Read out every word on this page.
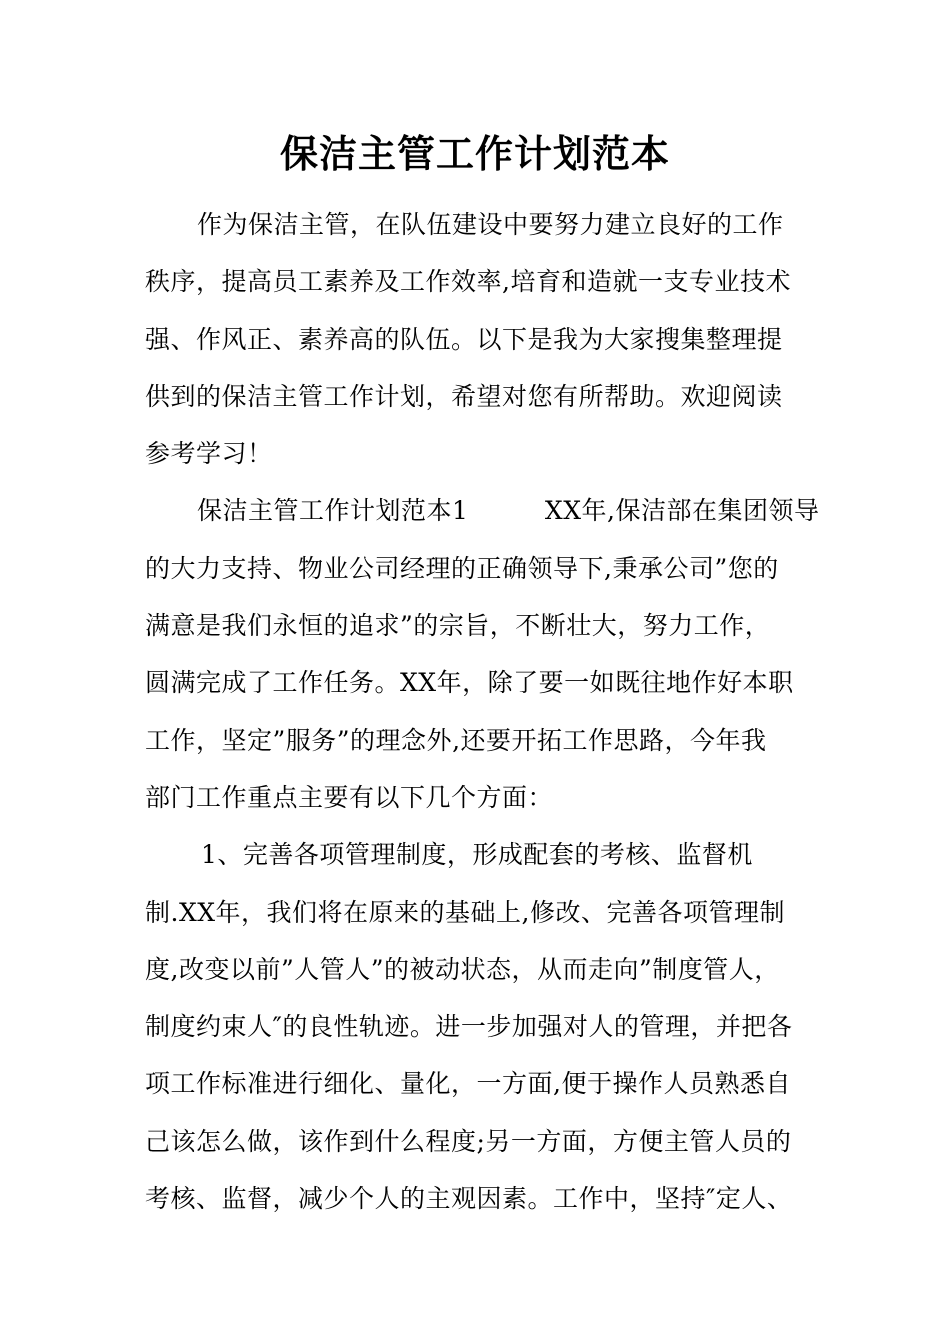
保洁主管工作计划范本
作为保洁主管，在队伍建设中要努力建立良好的工作
秩序，提高员工素养及工作效率,培育和造就一支专业技术
强、作风正、素养高的队伍。以下是我为大家搜集整理提
供到的保洁主管工作计划，希望对您有所帮助。欢迎阅读
参考学习！
保洁主管工作计划范本1　　　XX年,保洁部在集团领导
的大力支持、物业公司经理的正确领导下,秉承公司”您的
满意是我们永恒的追求”的宗旨，不断壮大，努力工作，
圆满完成了工作任务。XX年，除了要一如既往地作好本职
工作，坚定”服务”的理念外,还要开拓工作思路，今年我
部门工作重点主要有以下几个方面：
1、完善各项管理制度，形成配套的考核、监督机
制.XX年，我们将在原来的基础上,修改、完善各项管理制
度,改变以前”人管人”的被动状态，从而走向”制度管人，
制度约束人″的良性轨迹。进一步加强对人的管理，并把各
项工作标准进行细化、量化，一方面,便于操作人员熟悉自
己该怎么做，该作到什么程度;另一方面，方便主管人员的
考核、监督，减少个人的主观因素。工作中，坚持″定人、
